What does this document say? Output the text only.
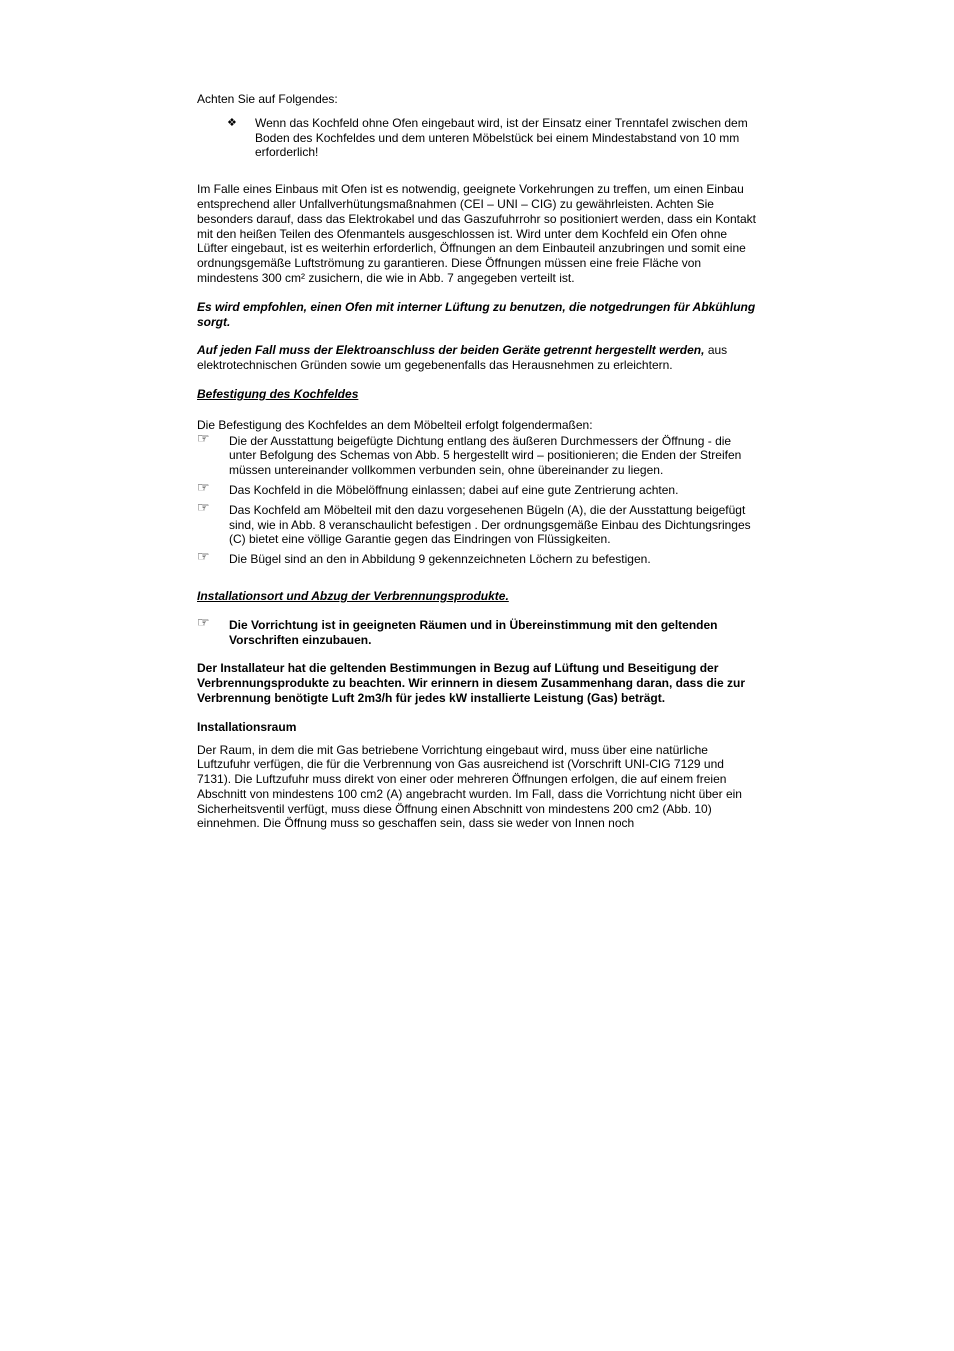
Achten Sie auf Folgendes:

❖ Wenn das Kochfeld ohne Ofen eingebaut wird, ist der Einsatz einer Trenntafel zwischen dem Boden des Kochfeldes und dem unteren Möbelstück bei einem Mindestabstand von 10 mm erforderlich!

Im Falle eines Einbaus mit Ofen ist es notwendig, geeignete Vorkehrungen zu treffen, um einen Einbau entsprechend aller Unfallverhütungsmaßnahmen (CEI – UNI – CIG) zu gewährleisten. Achten Sie besonders darauf, dass das Elektrokabel und das Gaszufuhrrohr so positioniert werden, dass ein Kontakt mit den heißen Teilen des Ofenmantels ausgeschlossen ist. Wird unter dem Kochfeld ein Ofen ohne Lüfter eingebaut, ist es weiterhin erforderlich, Öffnungen an dem Einbauteil anzubringen und somit eine ordnungsgemäße Luftströmung zu garantieren. Diese Öffnungen müssen eine freie Fläche von mindestens 300 cm² zusichern, die wie in Abb. 7 angegeben verteilt ist.

Es wird empfohlen, einen Ofen mit interner Lüftung zu benutzen, die notgedrungen für Abkühlung sorgt.

Auf jeden Fall muss der Elektroanschluss der beiden Geräte getrennt hergestellt werden, aus elektrotechnischen Gründen sowie um gegebenenfalls das Herausnehmen zu erleichtern.

Befestigung des Kochfeldes

Die Befestigung des Kochfeldes an dem Möbelteil erfolgt folgendermaßen:

☞ Die der Ausstattung beigefügte Dichtung entlang des äußeren Durchmessers der Öffnung - die unter Befolgung des Schemas von Abb. 5 hergestellt wird – positionieren; die Enden der Streifen müssen untereinander vollkommen verbunden sein, ohne übereinander zu liegen.

☞ Das Kochfeld in die Möbelöffnung einlassen; dabei auf eine gute Zentrierung achten.

☞ Das Kochfeld am Möbelteil mit den dazu vorgesehenen Bügeln (A), die der Ausstattung beigefügt sind, wie in Abb. 8 veranschaulicht befestigen . Der ordnungsgemäße Einbau des Dichtungsringes (C) bietet eine völlige Garantie gegen das Eindringen von Flüssigkeiten.

☞ Die Bügel sind an den in Abbildung 9 gekennzeichneten Löchern zu befestigen.

Installationsort und Abzug der Verbrennungsprodukte.

☞ Die Vorrichtung ist in geeigneten Räumen und in Übereinstimmung mit den geltenden Vorschriften einzubauen.

Der Installateur hat die geltenden Bestimmungen in Bezug auf Lüftung und Beseitigung der Verbrennungsprodukte zu beachten. Wir erinnern in diesem Zusammenhang daran, dass die zur Verbrennung benötigte Luft 2m3/h für jedes kW installierte Leistung (Gas) beträgt.

Installationsraum

Der Raum, in dem die mit Gas betriebene Vorrichtung eingebaut wird, muss über eine natürliche Luftzufuhr verfügen, die für die Verbrennung von Gas ausreichend ist (Vorschrift UNI-CIG 7129 und 7131). Die Luftzufuhr muss direkt von einer oder mehreren Öffnungen erfolgen, die auf einem freien Abschnitt von mindestens 100 cm2 (A) angebracht wurden. Im Fall, dass die Vorrichtung nicht über ein Sicherheitsventil verfügt, muss diese Öffnung einen Abschnitt von mindestens 200 cm2 (Abb. 10) einnehmen. Die Öffnung muss so geschaffen sein, dass sie weder von Innen noch
